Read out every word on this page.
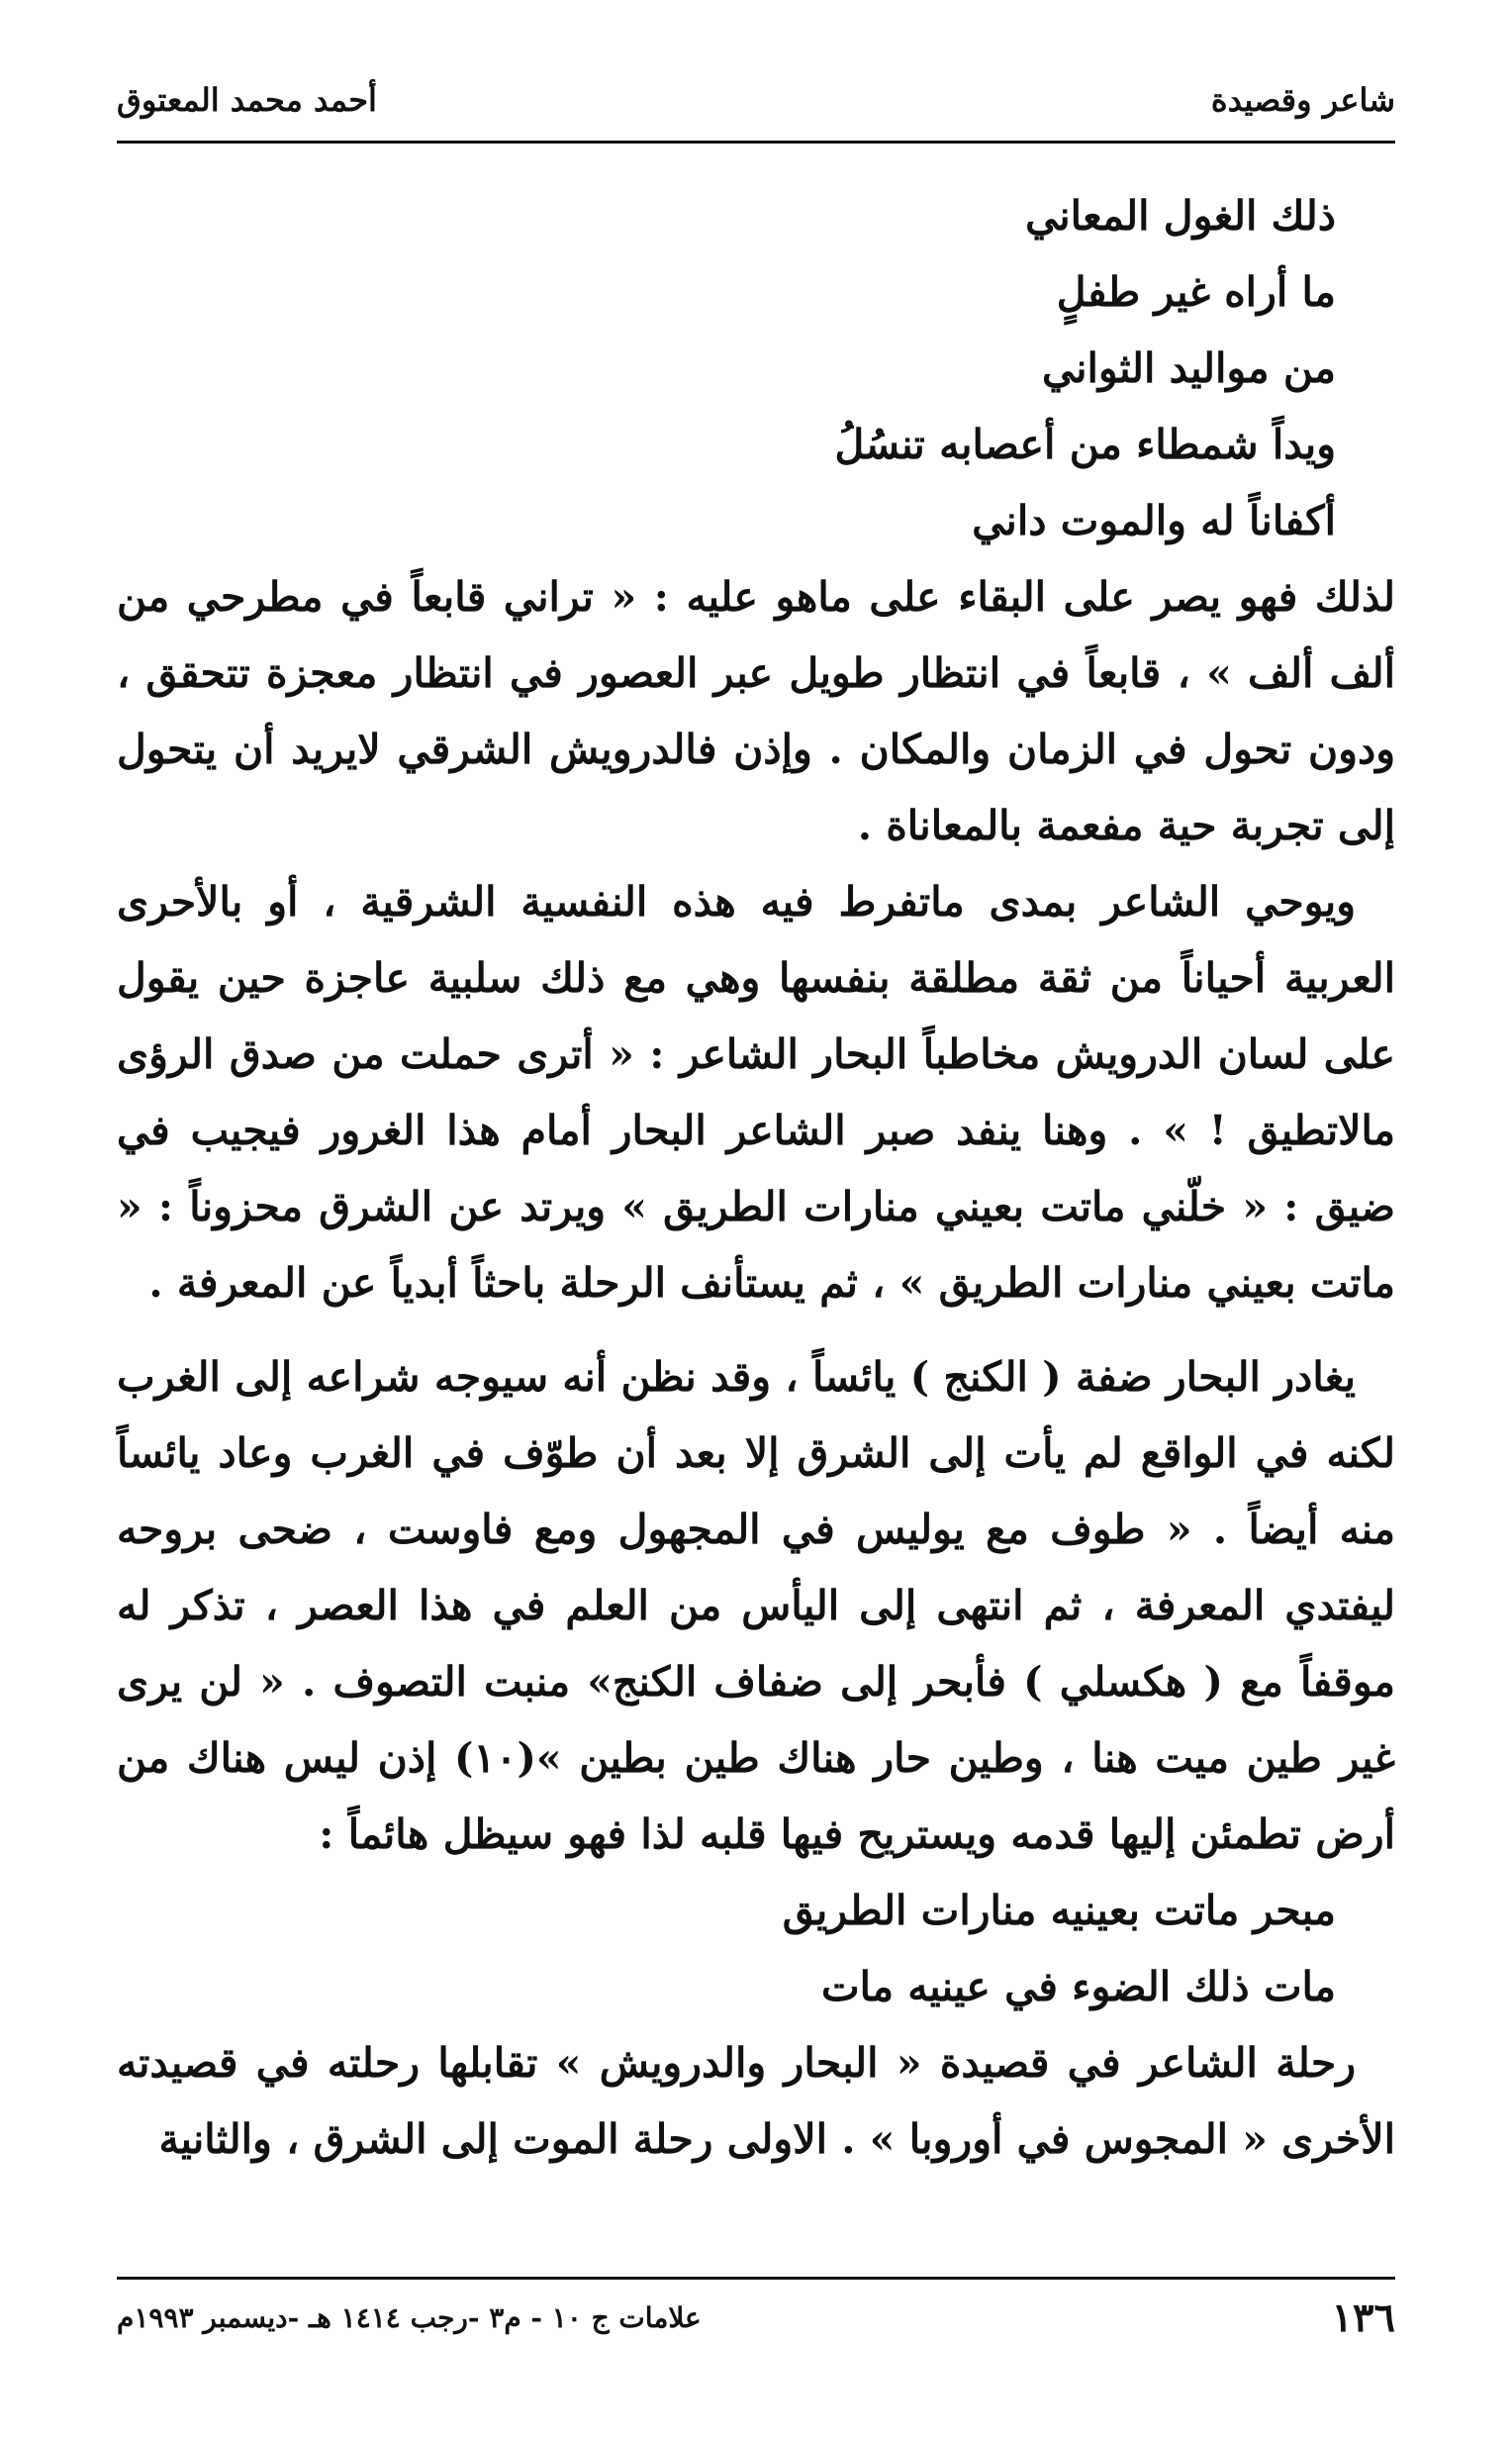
شاعر وقصيدة
أحمد محمد المعتوق
ذلك الغول المعاني
ما أراه غير طفلٍ
من مواليد الثواني
ويداً شمطاء من أعصابه تنسُلُ
أكفاناً له والموت داني

لذلك فهو يصر على البقاء على ماهو عليه : « تراني قابعاً في مطرحي من ألف ألف » ، قابعاً في انتظار طويل عبر العصور في انتظار معجزة تتحقق ، ودون تحول في الزمان والمكان . وإذن فالدرويش الشرقي لايريد أن يتحول إلى تجربة حية مفعمة بالمعاناة .

ويوحي الشاعر بمدى ماتفرط فيه هذه النفسية الشرقية ، أو بالأحرى العربية أحياناً من ثقة مطلقة بنفسها وهي مع ذلك سلبية عاجزة حين يقول على لسان الدرويش مخاطباً البحار الشاعر : « أترى حملت من صدق الرؤى مالاتطيق ! » . وهنا ينفد صبر الشاعر البحار أمام هذا الغرور فيجيب في ضيق : « خلّني ماتت بعيني منارات الطريق » ويرتد عن الشرق محزوناً : « ماتت بعيني منارات الطريق » ، ثم يستأنف الرحلة باحثاً أبدياً عن المعرفة .

يغادر البحار ضفة ( الكنج ) يائساً ، وقد نظن أنه سيوجه شراعه إلى الغرب لكنه في الواقع لم يأت إلى الشرق إلا بعد أن طوّف في الغرب وعاد يائساً منه أيضاً . « طوف مع يوليس في المجهول ومع فاوست ، ضحى بروحه ليفتدي المعرفة ، ثم انتهى إلى اليأس من العلم في هذا العصر ، تذكر له موقفاً مع ( هكسلي ) فأبحر إلى ضفاف الكنج» منبت التصوف . « لن يرى غير طين ميت هنا ، وطين حار هناك طين بطين »(١٠) إذن ليس هناك من أرض تطمئن إليها قدمه ويستريح فيها قلبه لذا فهو سيظل هائماً :

مبحر ماتت بعينيه منارات الطريق
مات ذلك الضوء في عينيه مات

رحلة الشاعر في قصيدة « البحار والدرويش » تقابلها رحلته في قصيدته الأخرى « المجوس في أوروبا » . الاولى رحلة الموت إلى الشرق ، والثانية

١٣٦
علامات ج ١٠ - م٣ -رجب ١٤١٤ هـ -ديسمبر ١٩٩٣م
